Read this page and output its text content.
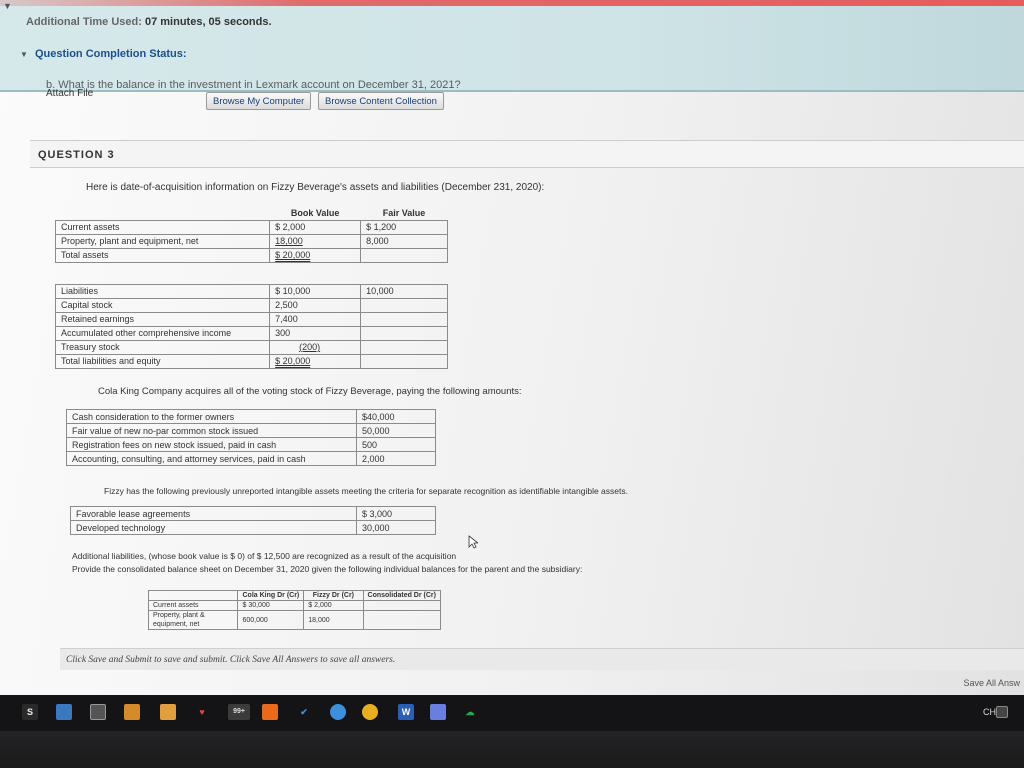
▼
Additional Time Used: 07 minutes, 05 seconds.
▼ Question Completion Status:
b. What is the balance in the investment in Lexmark account on December 31, 2021?
Attach File
Browse My Computer	Browse Content Collection
QUESTION 3
Here is date-of-acquisition information on Fizzy Beverage's assets and liabilities (December 231, 2020):
	Book Value	Fair Value
Current assets	$ 2,000	$ 1,200
Property, plant and equipment, net	18,000	8,000
Total assets	$ 20,000	

Liabilities	$ 10,000	10,000
Capital stock	2,500	
Retained earnings	7,400	
Accumulated other comprehensive income	300	
Treasury stock	(200)	
Total liabilities and equity	$ 20,000	
Cola King Company acquires all of the voting stock of Fizzy Beverage, paying the following amounts:
Cash consideration to the former owners	$40,000
Fair value of new no-par common stock issued	50,000
Registration fees on new stock issued, paid in cash	500
Accounting, consulting, and attorney services, paid in cash	2,000
Fizzy has the following previously unreported intangible assets meeting the criteria for separate recognition as identifiable intangible assets.
Favorable lease agreements	$ 3,000
Developed technology	30,000
Additional liabilities, (whose book value is $ 0) of $ 12,500 are recognized as a result of the acquisition
Provide the consolidated balance sheet on December 31, 2020 given the following individual balances for the parent and the subsidiary:
	Cola King Dr (Cr)	Fizzy Dr (Cr)	Consolidated Dr (Cr)
Current assets	$ 30,000	$ 2,000	
Property, plant & equipment, net	600,000	18,000	
Click Save and Submit to save and submit. Click Save All Answers to save all answers.
Save All Answ
S	♥	99+	✔	W	☁	CH
